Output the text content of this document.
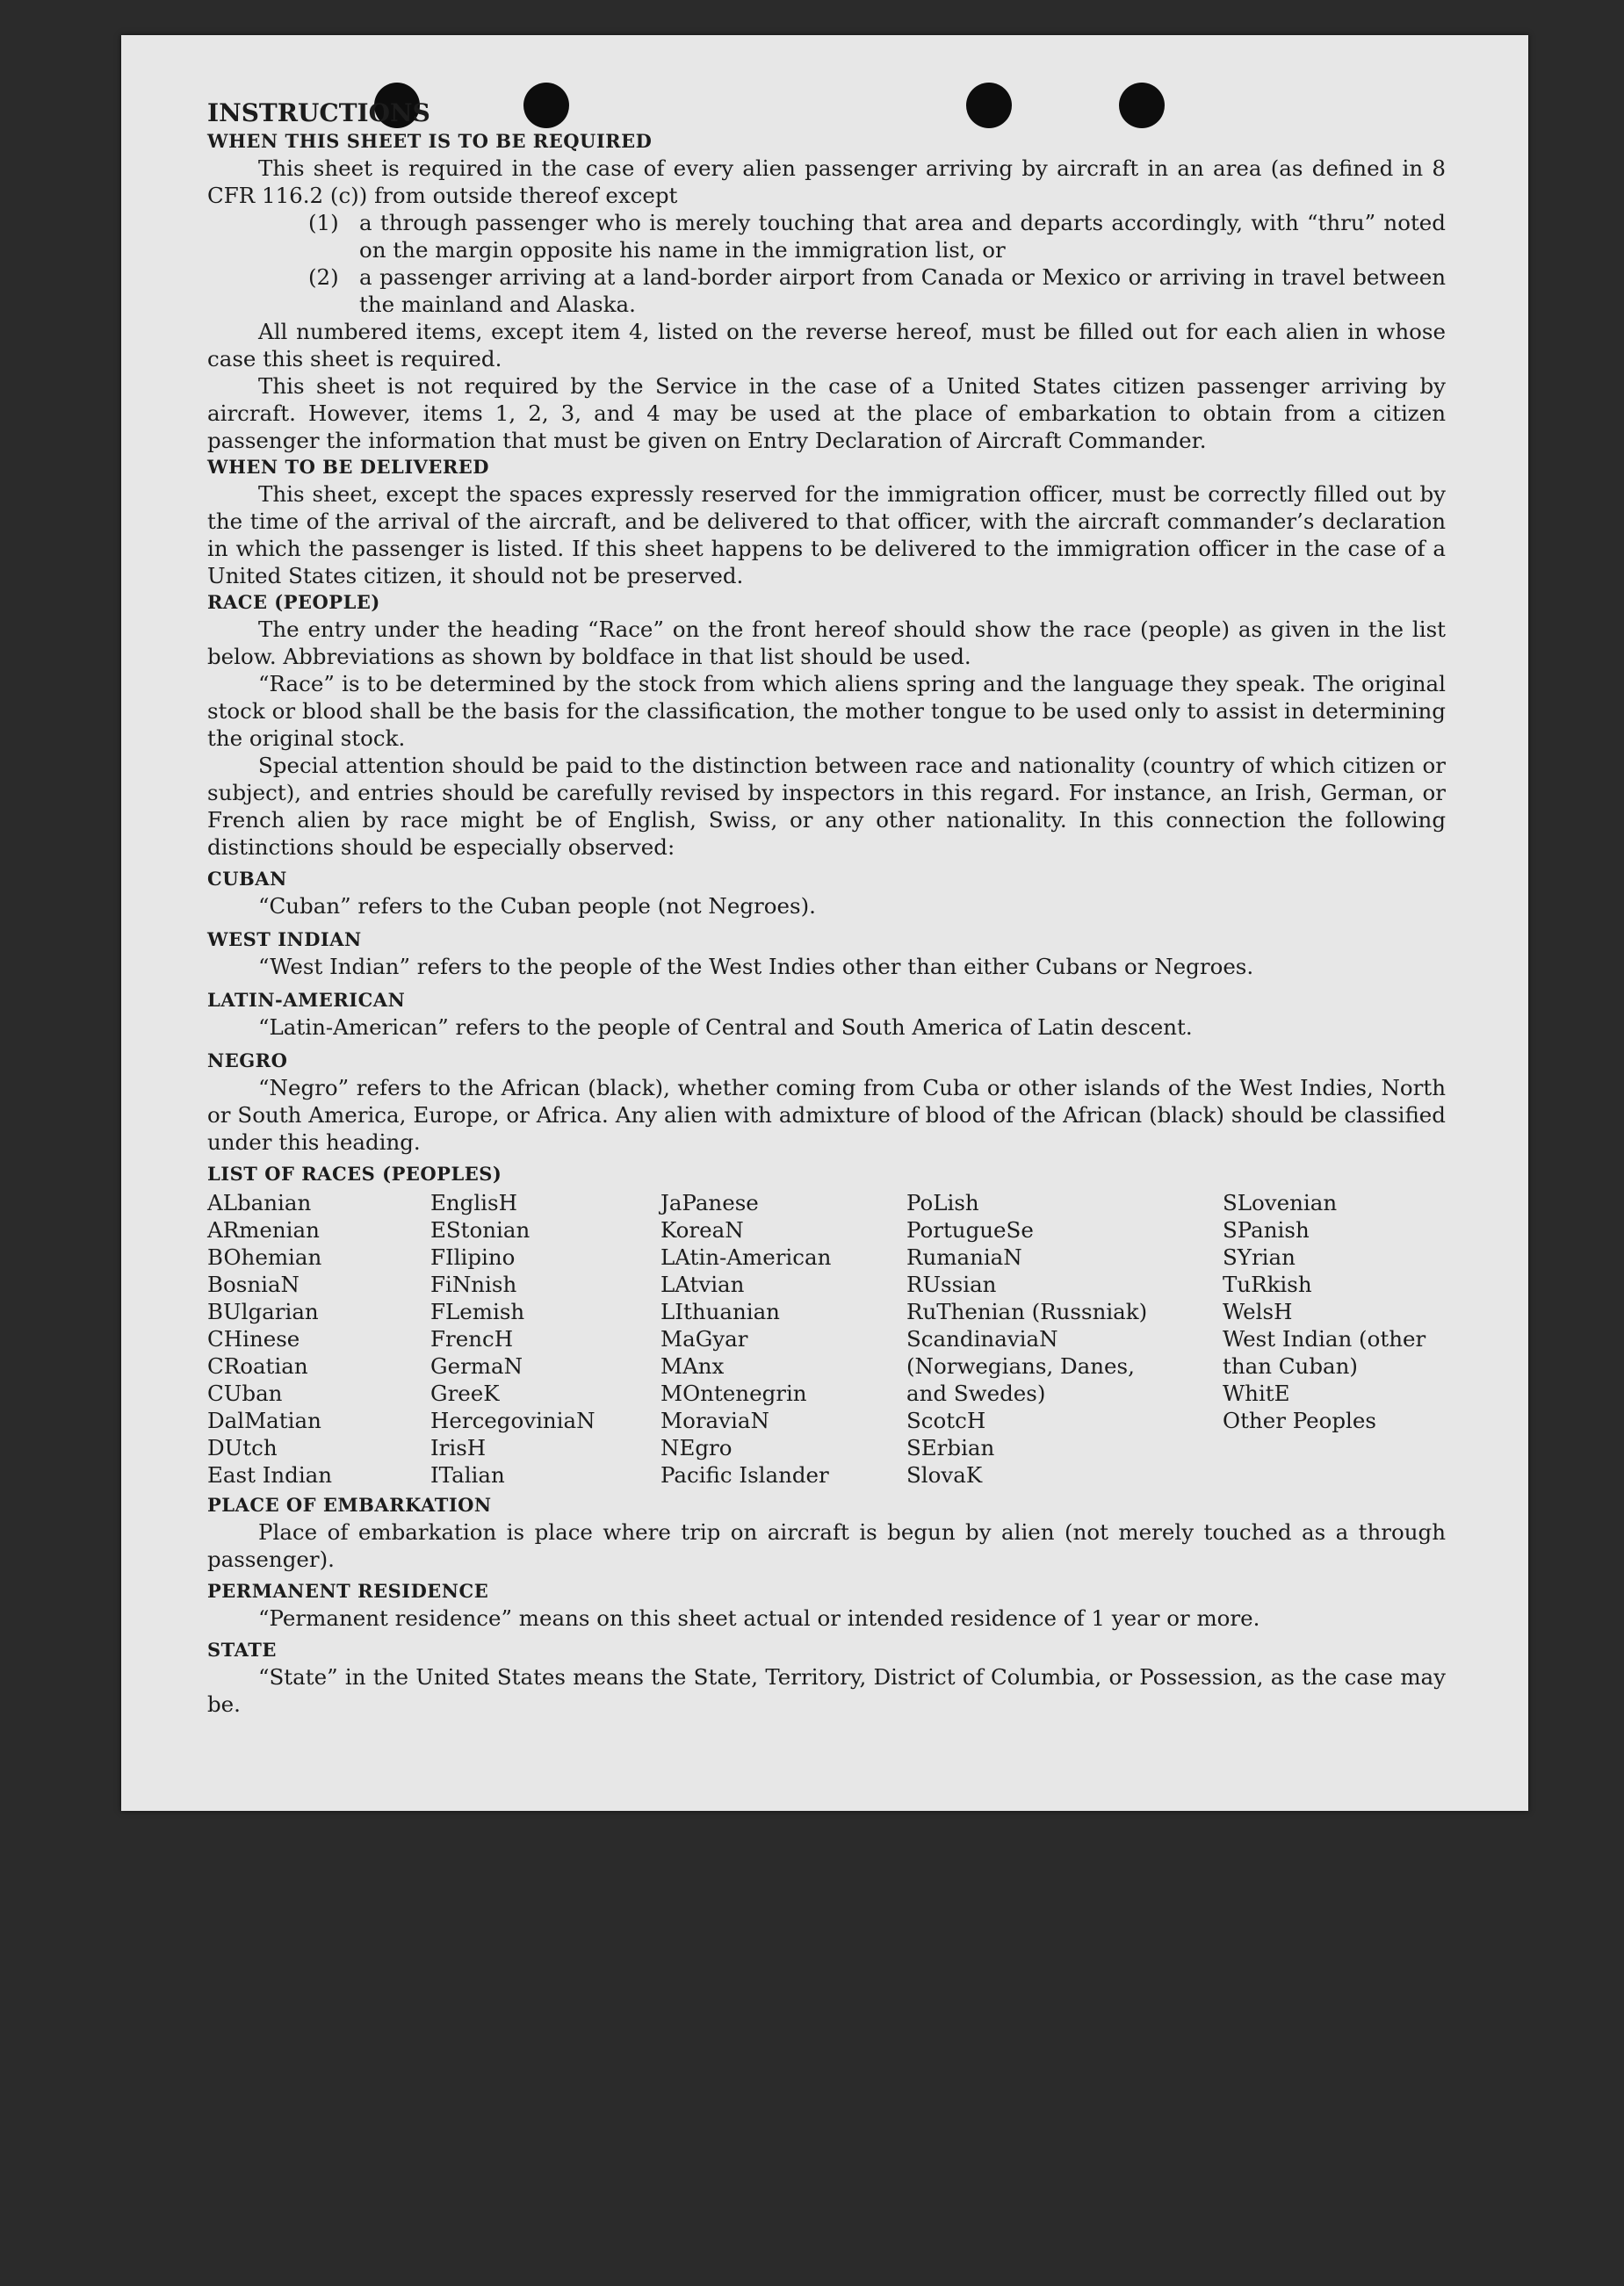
INSTRUCTIONS

WHEN THIS SHEET IS TO BE REQUIRED

This sheet is required in the case of every alien passenger arriving by aircraft in an area (as defined in 8 CFR 116.2 (c)) from outside thereof except

(1) a through passenger who is merely touching that area and departs accordingly, with “thru” noted on the margin opposite his name in the immigration list, or
(2) a passenger arriving at a land-border airport from Canada or Mexico or arriving in travel between the mainland and Alaska.

All numbered items, except item 4, listed on the reverse hereof, must be filled out for each alien in whose case this sheet is required.

This sheet is not required by the Service in the case of a United States citizen passenger arriving by aircraft. However, items 1, 2, 3, and 4 may be used at the place of embarkation to obtain from a citizen passenger the information that must be given on Entry Declaration of Aircraft Commander.

WHEN TO BE DELIVERED

This sheet, except the spaces expressly reserved for the immigration officer, must be correctly filled out by the time of the arrival of the aircraft, and be delivered to that officer, with the aircraft commander’s declaration in which the passenger is listed. If this sheet happens to be delivered to the immigration officer in the case of a United States citizen, it should not be preserved.

RACE (PEOPLE)

The entry under the heading “Race” on the front hereof should show the race (people) as given in the list below. Abbreviations as shown by boldface in that list should be used.

“Race” is to be determined by the stock from which aliens spring and the language they speak. The original stock or blood shall be the basis for the classification, the mother tongue to be used only to assist in determining the original stock.

Special attention should be paid to the distinction between race and nationality (country of which citizen or subject), and entries should be carefully revised by inspectors in this regard. For instance, an Irish, German, or French alien by race might be of English, Swiss, or any other nationality. In this connection the following distinctions should be especially observed:

CUBAN

“Cuban” refers to the Cuban people (not Negroes).

WEST INDIAN

“West Indian” refers to the people of the West Indies other than either Cubans or Negroes.

LATIN-AMERICAN

“Latin-American” refers to the people of Central and South America of Latin descent.

NEGRO

“Negro” refers to the African (black), whether coming from Cuba or other islands of the West Indies, North or South America, Europe, or Africa. Any alien with admixture of blood of the African (black) should be classified under this heading.

LIST OF RACES (PEOPLES)

ALbanian
ARmenian
BOhemian
BosniaN
BUlgarian
CHinese
CRoatian
CUban
DalMatian
DUtch
East Indian
EnglisH
EStonian
FIlipino
FiNnish
FLemish
FrencH
GermaN
GreeK
HercegoviniaN
IrisH
ITalian
JaPanese
KoreaN
LAtin-American
LAtvian
LIthuanian
MaGyar
MAnx
MOntenegrin
MoraviaN
NEgro
Pacific Islander
PoLish
PortugueSe
RumaniaN
RUssian
RuThenian (Russniak)
ScandinaviaN (Norwegians, Danes, and Swedes)
ScotcH
SErbian
SlovaK
SLovenian
SPanish
SYrian
TuRkish
WelsH
West Indian (other than Cuban)
WhitE
Other Peoples

PLACE OF EMBARKATION

Place of embarkation is place where trip on aircraft is begun by alien (not merely touched as a through passenger).

PERMANENT RESIDENCE

“Permanent residence” means on this sheet actual or intended residence of 1 year or more.

STATE

“State” in the United States means the State, Territory, District of Columbia, or Possession, as the case may be.
